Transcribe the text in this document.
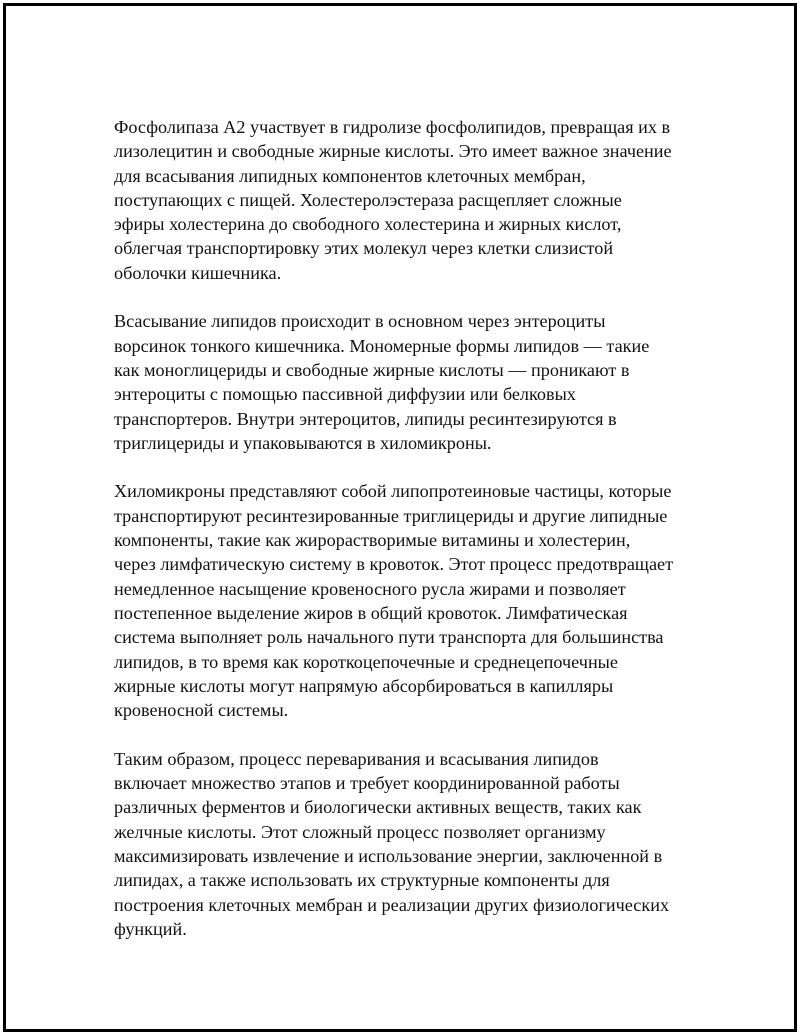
Фосфолипаза А2 участвует в гидролизе фосфолипидов, превращая их в
лизолецитин и свободные жирные кислоты. Это имеет важное значение
для всасывания липидных компонентов клеточных мембран,
поступающих с пищей. Холестеролэстераза расщепляет сложные
эфиры холестерина до свободного холестерина и жирных кислот,
облегчая транспортировку этих молекул через клетки слизистой
оболочки кишечника.

Всасывание липидов происходит в основном через энтероциты
ворсинок тонкого кишечника. Мономерные формы липидов — такие
как моноглицериды и свободные жирные кислоты — проникают в
энтероциты с помощью пассивной диффузии или белковых
транспортеров. Внутри энтероцитов, липиды ресинтезируются в
триглицериды и упаковываются в хиломикроны.

Хиломикроны представляют собой липопротеиновые частицы, которые
транспортируют ресинтезированные триглицериды и другие липидные
компоненты, такие как жирорастворимые витамины и холестерин,
через лимфатическую систему в кровоток. Этот процесс предотвращает
немедленное насыщение кровеносного русла жирами и позволяет
постепенное выделение жиров в общий кровоток. Лимфатическая
система выполняет роль начального пути транспорта для большинства
липидов, в то время как короткоцепочечные и среднецепочечные
жирные кислоты могут напрямую абсорбироваться в капилляры
кровеносной системы.

Таким образом, процесс переваривания и всасывания липидов
включает множество этапов и требует координированной работы
различных ферментов и биологически активных веществ, таких как
желчные кислоты. Этот сложный процесс позволяет организму
максимизировать извлечение и использование энергии, заключенной в
липидах, а также использовать их структурные компоненты для
построения клеточных мембран и реализации других физиологических
функций.
